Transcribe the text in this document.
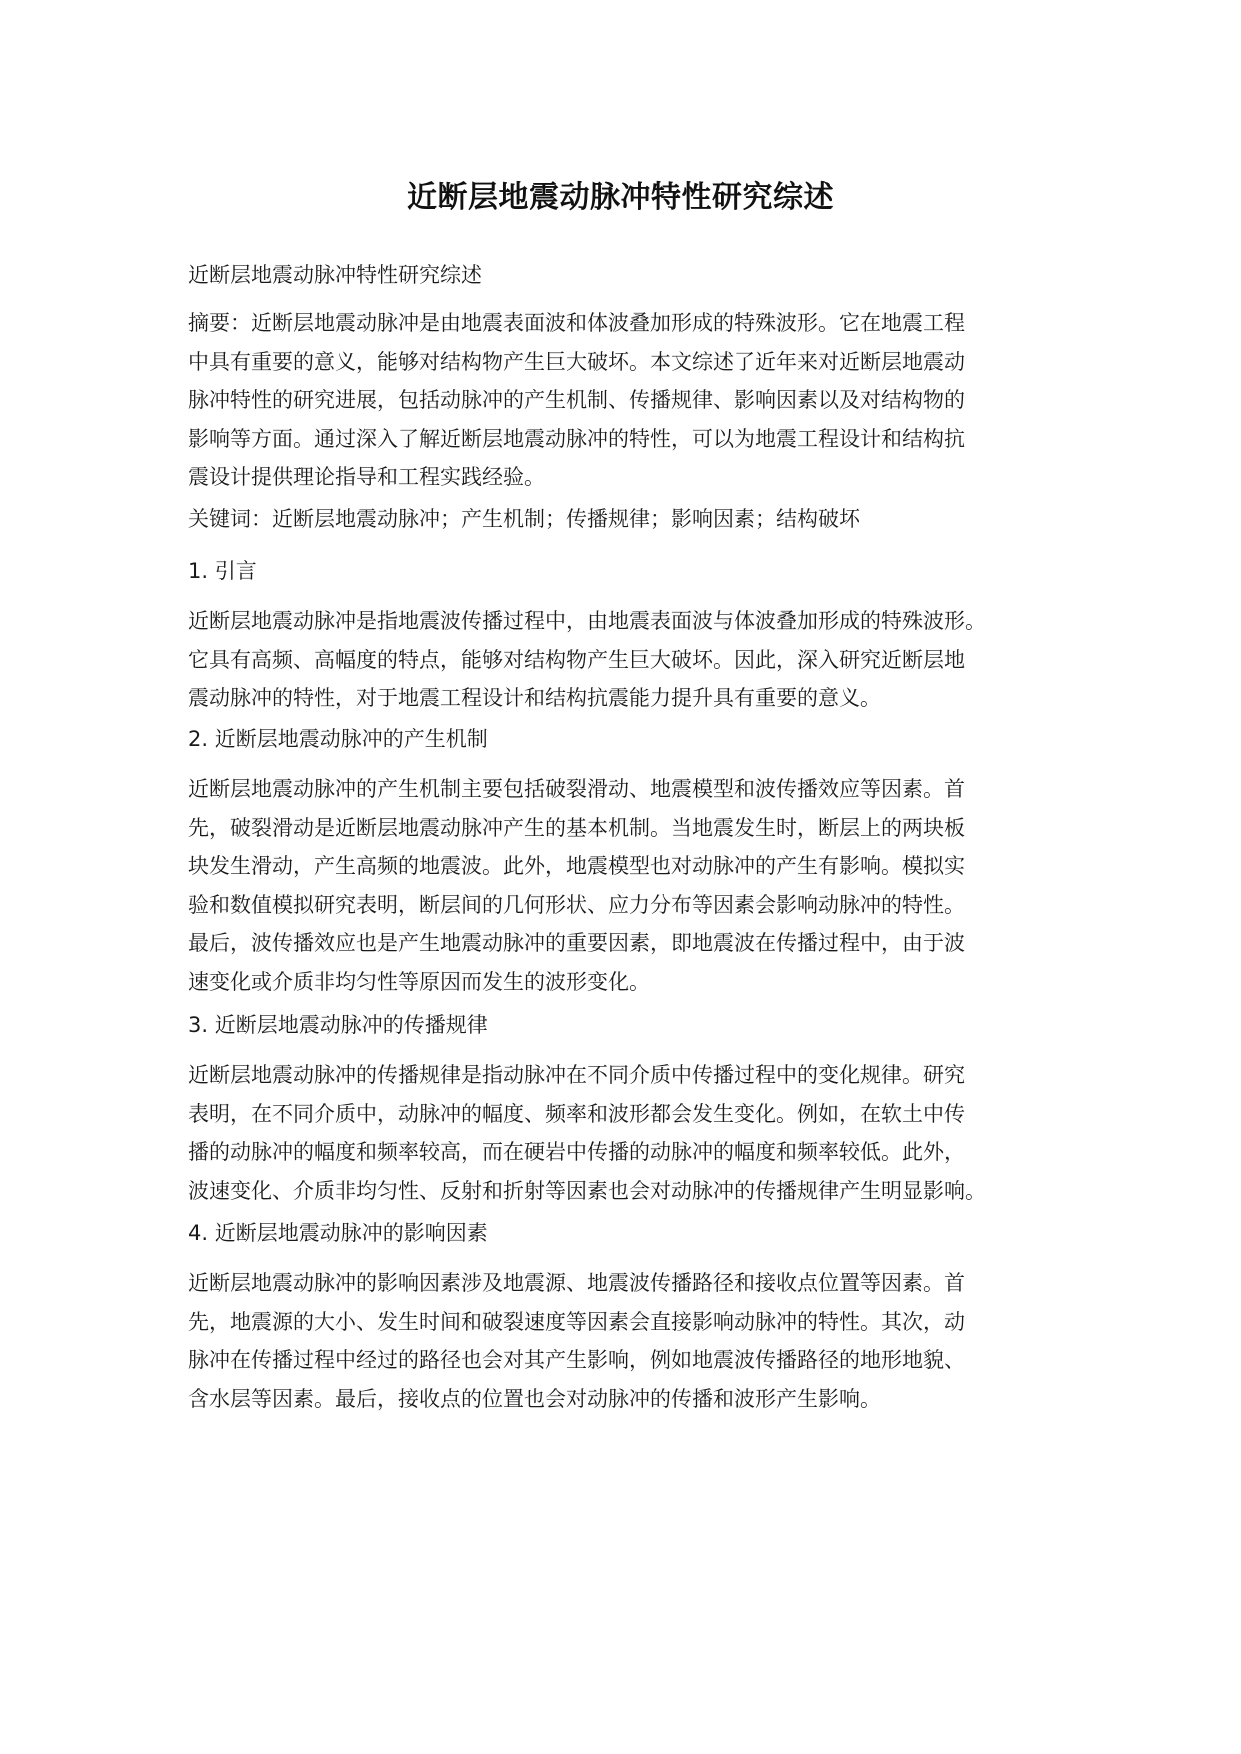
近断层地震动脉冲特性研究综述
近断层地震动脉冲特性研究综述
摘要：近断层地震动脉冲是由地震表面波和体波叠加形成的特殊波形。它在地震工程
中具有重要的意义，能够对结构物产生巨大破坏。本文综述了近年来对近断层地震动
脉冲特性的研究进展，包括动脉冲的产生机制、传播规律、影响因素以及对结构物的
影响等方面。通过深入了解近断层地震动脉冲的特性，可以为地震工程设计和结构抗
震设计提供理论指导和工程实践经验。
关键词：近断层地震动脉冲；产生机制；传播规律；影响因素；结构破坏
1. 引言
近断层地震动脉冲是指地震波传播过程中，由地震表面波与体波叠加形成的特殊波形。
它具有高频、高幅度的特点，能够对结构物产生巨大破坏。因此，深入研究近断层地
震动脉冲的特性，对于地震工程设计和结构抗震能力提升具有重要的意义。
2. 近断层地震动脉冲的产生机制
近断层地震动脉冲的产生机制主要包括破裂滑动、地震模型和波传播效应等因素。首
先，破裂滑动是近断层地震动脉冲产生的基本机制。当地震发生时，断层上的两块板
块发生滑动，产生高频的地震波。此外，地震模型也对动脉冲的产生有影响。模拟实
验和数值模拟研究表明，断层间的几何形状、应力分布等因素会影响动脉冲的特性。
最后，波传播效应也是产生地震动脉冲的重要因素，即地震波在传播过程中，由于波
速变化或介质非均匀性等原因而发生的波形变化。
3. 近断层地震动脉冲的传播规律
近断层地震动脉冲的传播规律是指动脉冲在不同介质中传播过程中的变化规律。研究
表明，在不同介质中，动脉冲的幅度、频率和波形都会发生变化。例如，在软土中传
播的动脉冲的幅度和频率较高，而在硬岩中传播的动脉冲的幅度和频率较低。此外，
波速变化、介质非均匀性、反射和折射等因素也会对动脉冲的传播规律产生明显影响。
4. 近断层地震动脉冲的影响因素
近断层地震动脉冲的影响因素涉及地震源、地震波传播路径和接收点位置等因素。首
先，地震源的大小、发生时间和破裂速度等因素会直接影响动脉冲的特性。其次，动
脉冲在传播过程中经过的路径也会对其产生影响，例如地震波传播路径的地形地貌、
含水层等因素。最后，接收点的位置也会对动脉冲的传播和波形产生影响。
